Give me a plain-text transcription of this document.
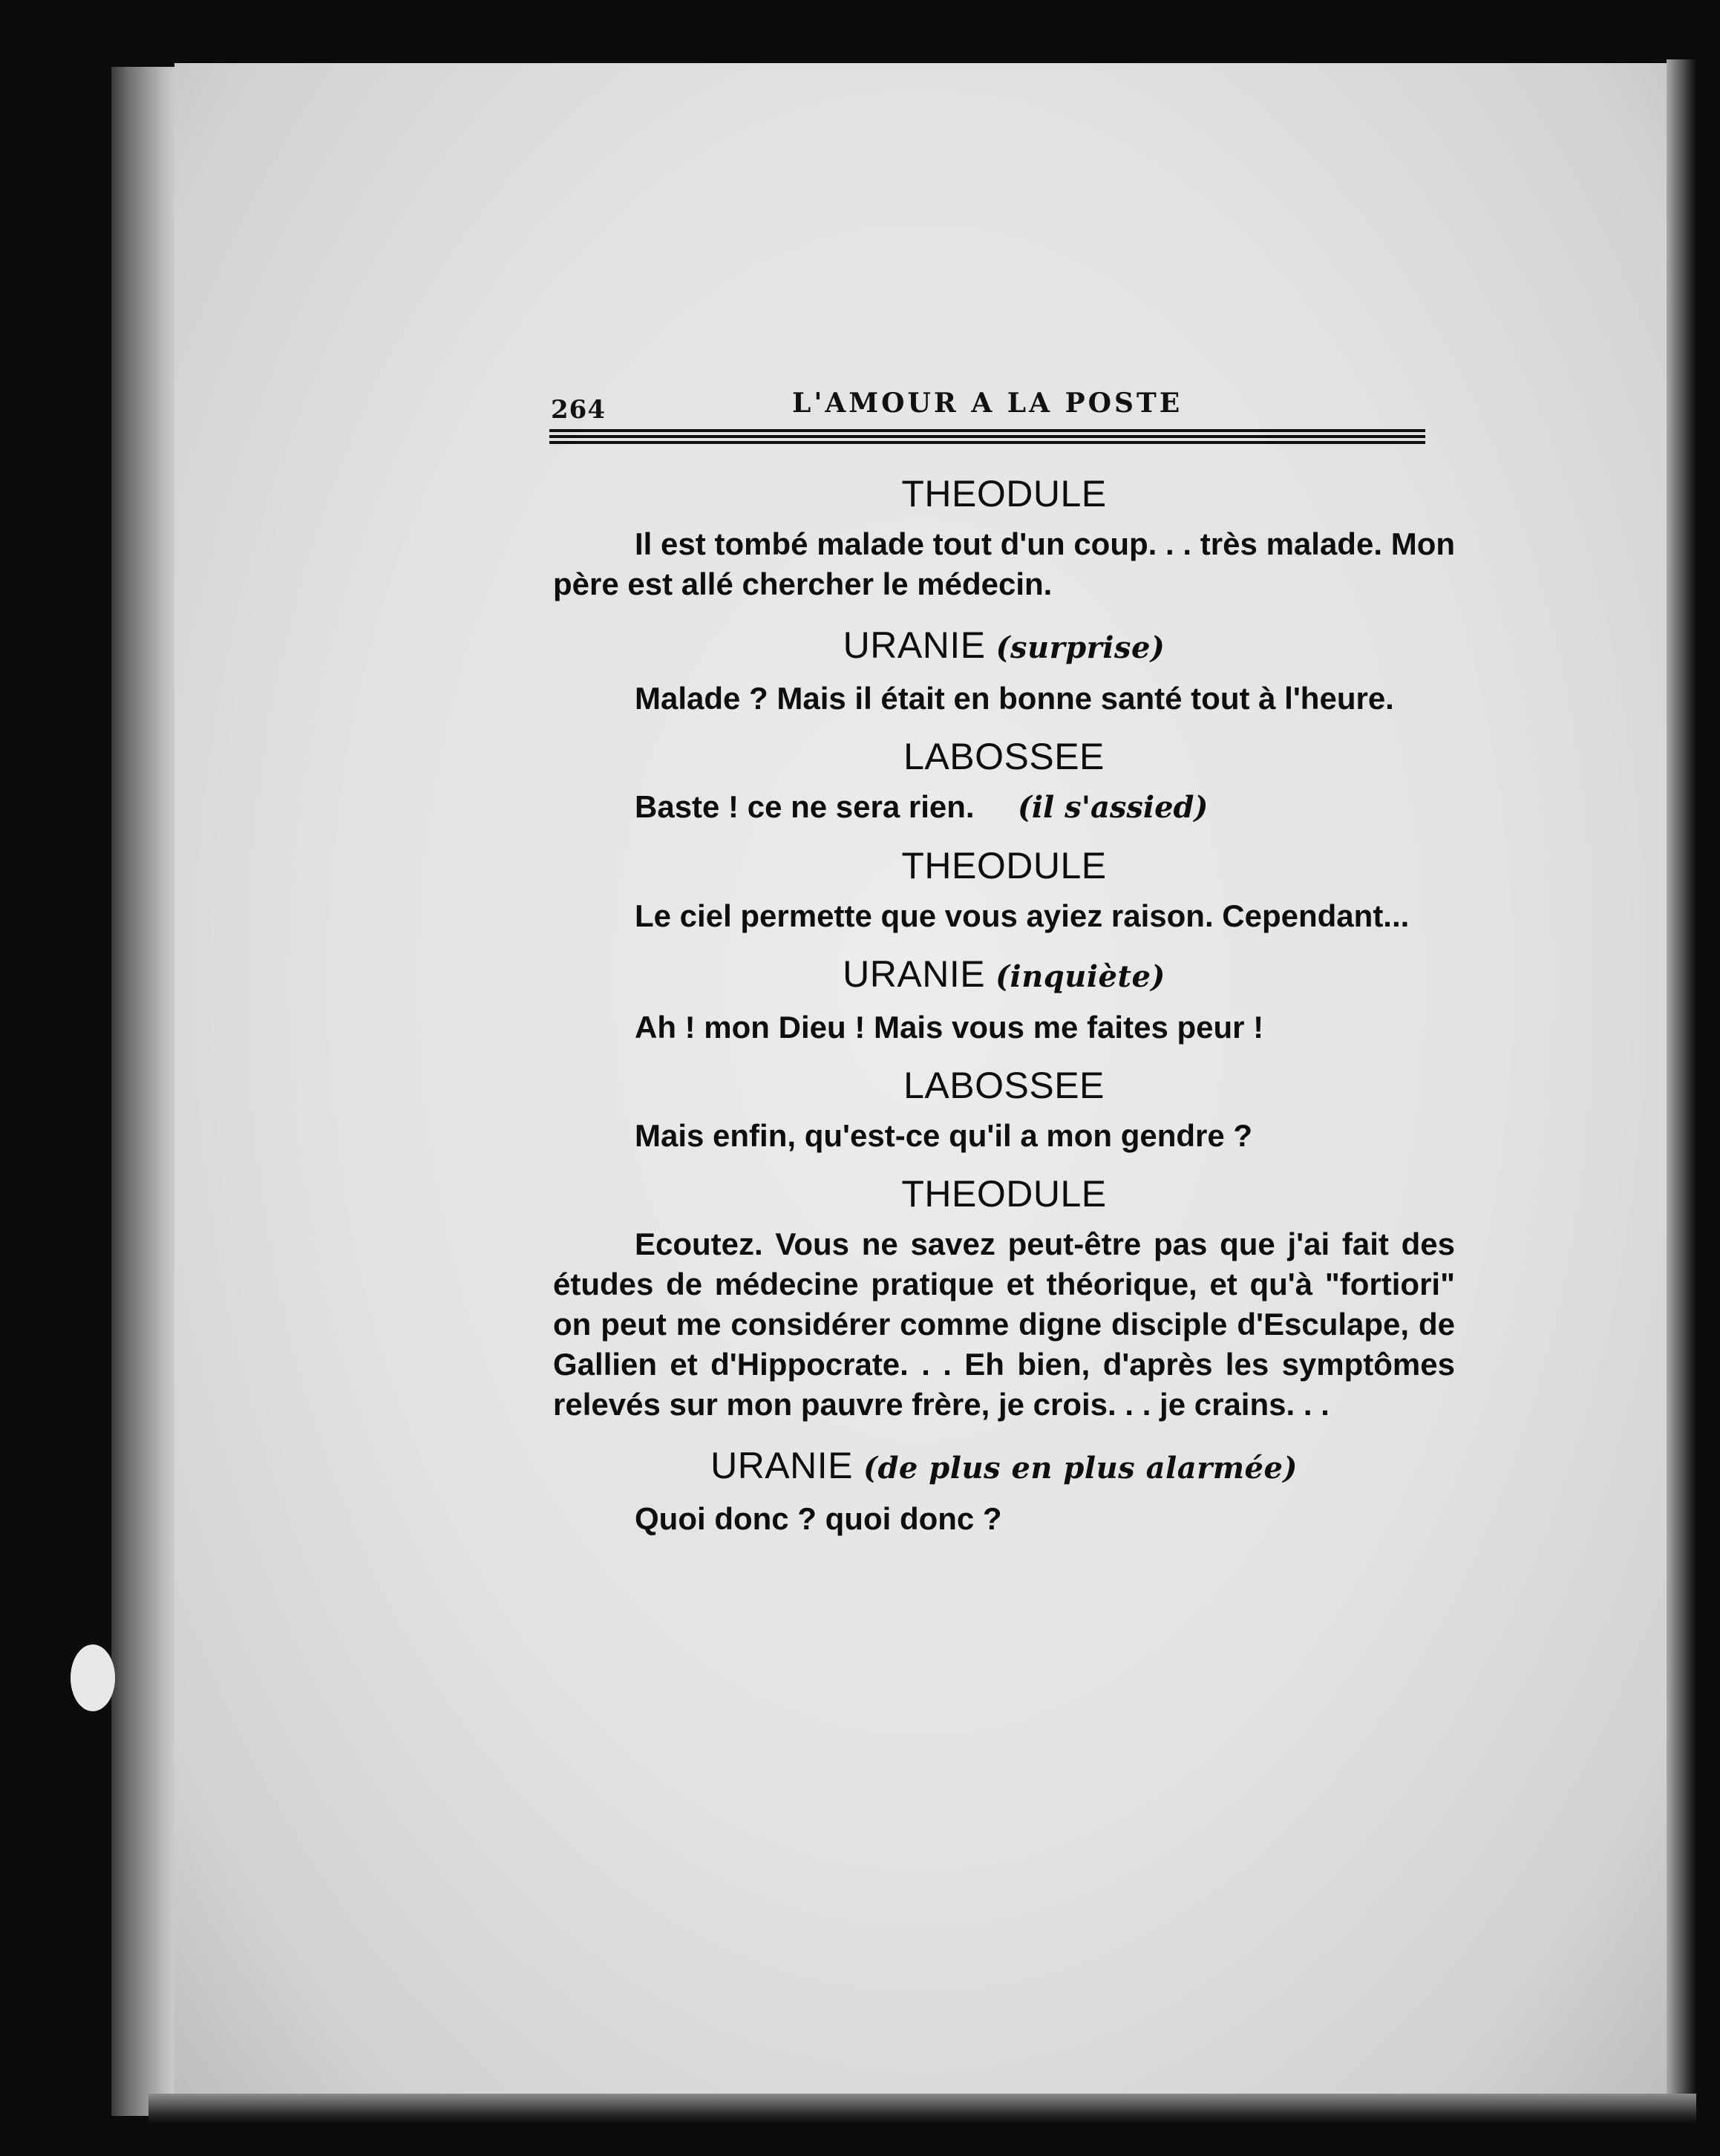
264	L'AMOUR A LA POSTE

THEODULE

Il est tombé malade tout d'un coup. . . très malade. Mon père est allé chercher le médecin.

URANIE (surprise)

Malade ? Mais il était en bonne santé tout à l'heure.

LABOSSEE

Baste ! ce ne sera rien. (il s'assied)

THEODULE

Le ciel permette que vous ayiez raison. Cependant...

URANIE (inquiète)

Ah ! mon Dieu ! Mais vous me faites peur !

LABOSSEE

Mais enfin, qu'est-ce qu'il a mon gendre ?

THEODULE

Ecoutez. Vous ne savez peut-être pas que j'ai fait des études de médecine pratique et théorique, et qu'à "fortiori" on peut me considérer comme digne disciple d'Esculape, de Gallien et d'Hippocrate. . . Eh bien, d'après les symptômes relevés sur mon pauvre frère, je crois. . . je crains. . .

URANIE (de plus en plus alarmée)

Quoi donc ? quoi donc ?
